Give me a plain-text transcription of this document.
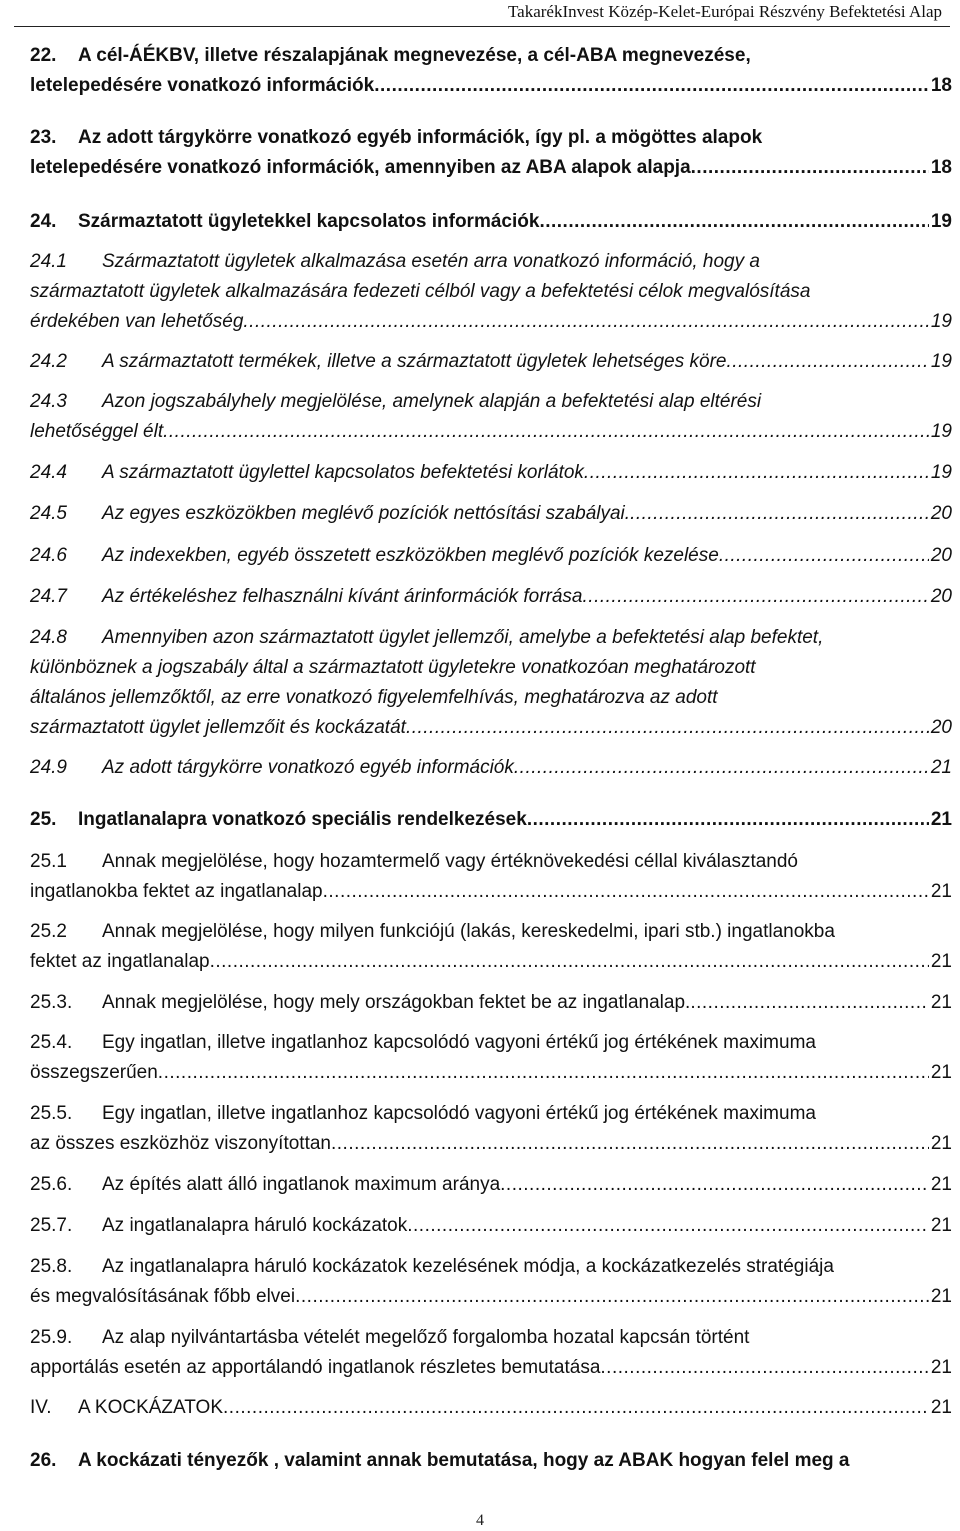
TakarékInvest Közép-Kelet-Európai Részvény Befektetési Alap
22.	A cél-ÁÉKBV, illetve részalapjának megnevezése, a cél-ABA megnevezése,
letelepedésére vonatkozó információk .....	18
23.	Az adott tárgykörre vonatkozó egyéb információk, így pl. a mögöttes alapok
letelepedésére vonatkozó információk, amennyiben az ABA alapok alapja .....	18
24.	Származtatott ügyletekkel kapcsolatos információk .....	19
24.1	Származtatott ügyletek alkalmazása esetén arra vonatkozó információ, hogy a
származtatott ügyletek alkalmazására fedezeti célból vagy a befektetési célok megvalósítása
érdekében van lehetőség .....	19
24.2	A származtatott termékek, illetve a származtatott ügyletek lehetséges köre .....	19
24.3	Azon jogszabályhely megjelölése, amelynek alapján a befektetési alap eltérési
lehetőséggel élt .....	19
24.4	A származtatott ügylettel kapcsolatos befektetési korlátok .....	19
24.5	Az egyes eszközökben meglévő pozíciók nettósítási szabályai. .....	20
24.6	Az indexekben, egyéb összetett eszközökben meglévő pozíciók kezelése .....	20
24.7	Az értékeléshez felhasználni kívánt árinformációk forrása .....	20
24.8	Amennyiben azon származtatott ügylet jellemzői, amelybe a befektetési alap befektet,
különböznek a jogszabály által a származtatott ügyletekre vonatkozóan meghatározott
általános jellemzőktől, az erre vonatkozó figyelemfelhívás, meghatározva az adott
származtatott ügylet jellemzőit és kockázatát .....	20
24.9	Az adott tárgykörre vonatkozó egyéb információk .....	21
25.	Ingatlanalapra vonatkozó speciális rendelkezések .....	21
25.1	Annak megjelölése, hogy hozamtermelő vagy értéknövekedési céllal kiválasztandó
ingatlanokba fektet az ingatlanalap .....	21
25.2	Annak megjelölése, hogy milyen funkciójú (lakás, kereskedelmi, ipari stb.) ingatlanokba
fektet az ingatlanalap .....	21
25.3.	Annak megjelölése, hogy mely országokban fektet be az ingatlanalap. .....	21
25.4.	Egy ingatlan, illetve ingatlanhoz kapcsolódó vagyoni értékű jog értékének maximuma
összegszerűen .....	21
25.5.	Egy ingatlan, illetve ingatlanhoz kapcsolódó vagyoni értékű jog értékének maximuma
az összes eszközhöz viszonyítottan .....	21
25.6.	Az építés alatt álló ingatlanok maximum aránya .....	21
25.7.	Az ingatlanalapra háruló kockázatok .....	21
25.8.	Az ingatlanalapra háruló kockázatok kezelésének módja, a kockázatkezelés stratégiája
és megvalósításának főbb elvei .....	21
25.9.	Az alap nyilvántartásba vételét megelőző forgalomba hozatal kapcsán történt
apportálás esetén az apportálandó ingatlanok részletes bemutatása .....	21
IV.	A KOCKÁZATOK .....	21
26.	A kockázati tényezők , valamint annak bemutatása, hogy az ABAK hogyan felel meg a
4
